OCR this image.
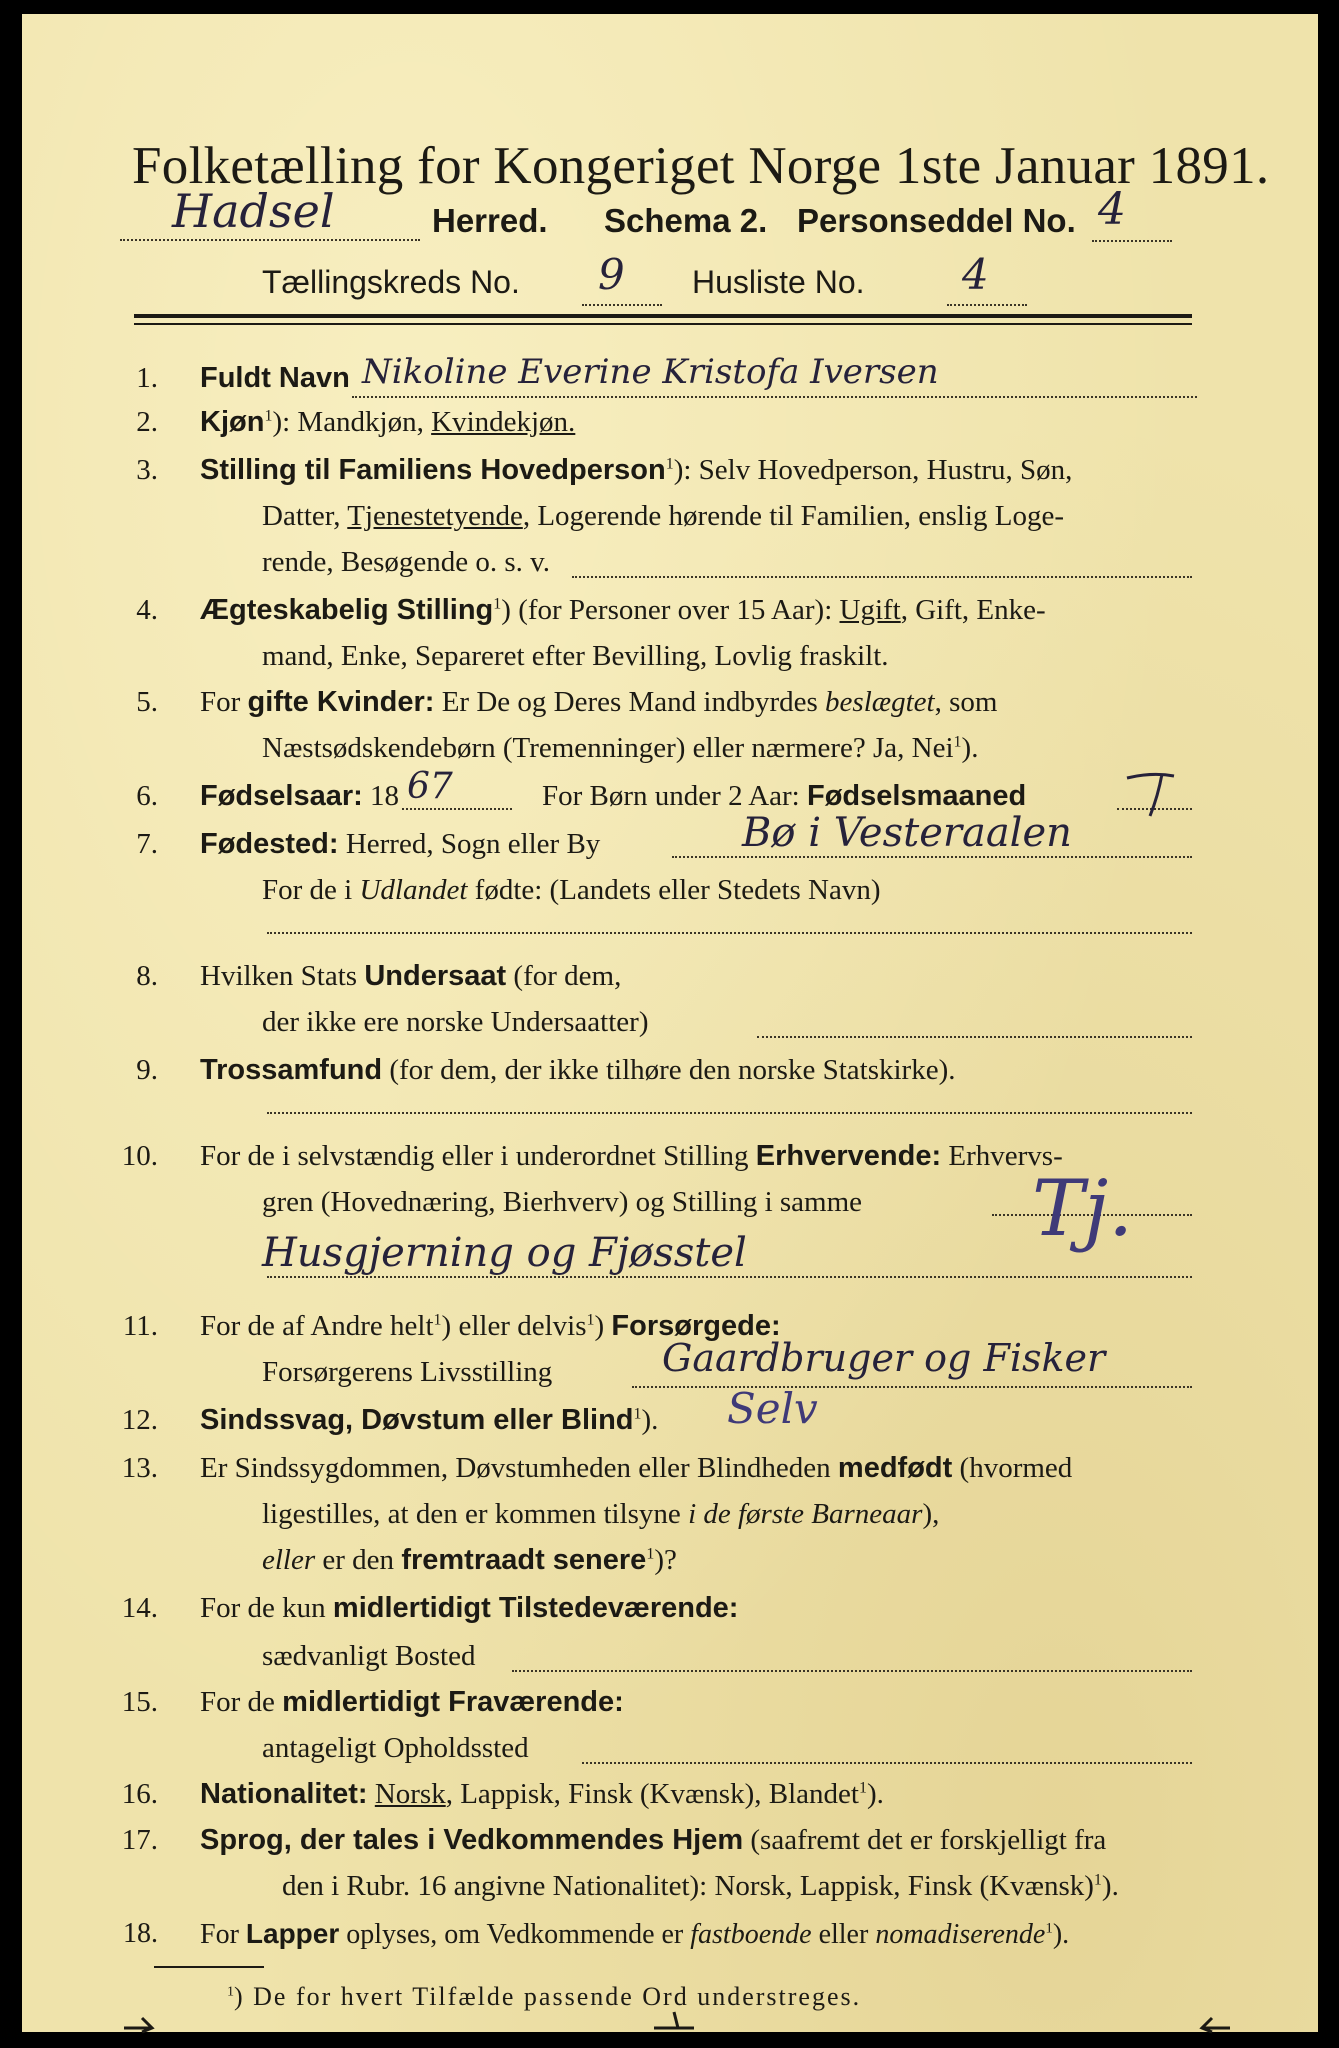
Folketælling for Kongeriget Norge 1ste Januar 1891.
Hadsel	Herred. Schema 2. Personseddel No. 4
Tællingskreds No. 9 Husliste No. 4
1. Fuldt Navn Nikoline Everine Kristofa Iversen
2. Kjøn$^1$): Mandkjøn, Kvindekjøn.
3. Stilling til Familiens Hovedperson$^1$): Selv Hovedperson, Hustru, Søn,
Datter, Tjenestetyende, Logerende hørende til Familien, enslig Loge-
rende, Besøgende o. s. v.
4. Ægteskabelig Stilling$^1$) (for Personer over 15 Aar): Ugift, Gift, Enke-
mand, Enke, Separeret efter Bevilling, Lovlig fraskilt.
5. For gifte Kvinder: Er De og Deres Mand indbyrdes beslægtet, som
Næstsødskendebørn (Tremenninger) eller nærmere? Ja, Nei$^1$).
6. Fødselsaar: 18 67	For Børn under 2 Aar: Fødselsmaaned
7. Fødested: Herred, Sogn eller By	Bø i Vesteraalen
For de i Udlandet fødte: (Landets eller Stedets Navn)
8. Hvilken Stats Undersaat (for dem,
der ikke ere norske Undersaatter)
9. Trossamfund (for dem, der ikke tilhøre den norske Statskirke).
10. For de i selvstændig eller i underordnet Stilling Erhvervende: Erhvervs-
gren (Hovednæring, Bierhverv) og Stilling i samme
Husgjerning og Fjøsstel	Tj.
11. For de af Andre helt$^1$) eller delvis$^1$) Forsørgede:
Forsørgerens Livsstilling	Gaardbruger og Fisker
12. Sindssvag, Døvstum eller Blind$^1$). Selv
13. Er Sindssygdommen, Døvstumheden eller Blindheden medfødt (hvormed
ligestilles, at den er kommen tilsyne i de første Barneaar),
eller er den fremtraadt senere$^1$)?
14. For de kun midlertidigt Tilstedeværende:
sædvanligt Bosted
15. For de midlertidigt Fraværende:
antageligt Opholdssted
16. Nationalitet: Norsk, Lappisk, Finsk (Kvænsk), Blandet$^1$).
17. Sprog, der tales i Vedkommendes Hjem (saafremt det er forskjelligt fra
den i Rubr. 16 angivne Nationalitet): Norsk, Lappisk, Finsk (Kvænsk)$^1$).
18. For Lapper oplyses, om Vedkommende er fastboende eller nomadiserende$^1$).
$^1$) De for hvert Tilfælde passende Ord understreges.
